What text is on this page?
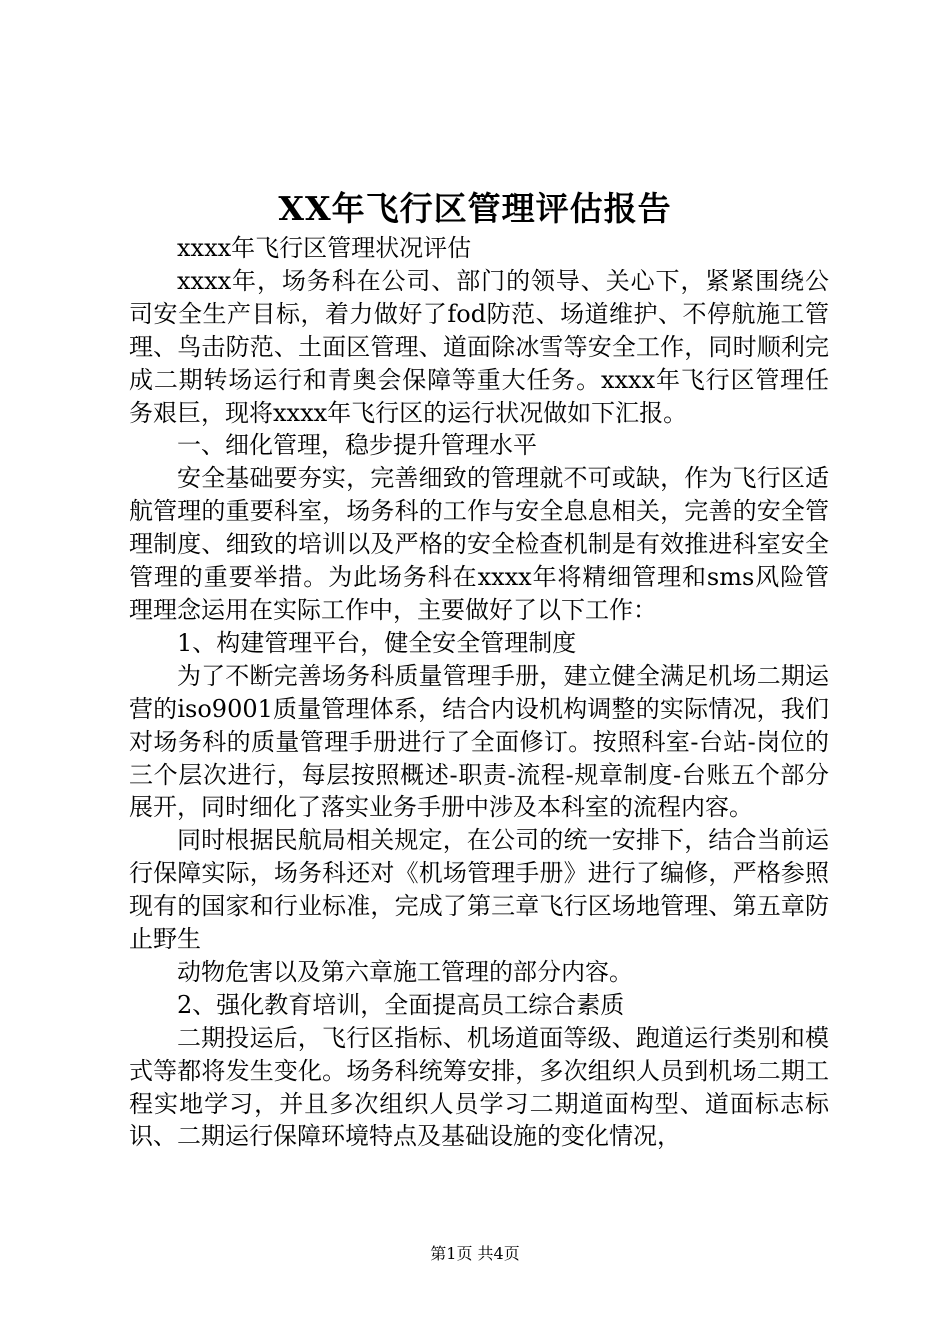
XX年飞行区管理评估报告

xxxx年飞行区管理状况评估

xxxx年，场务科在公司、部门的领导、关心下，紧紧围绕公司安全生产目标，着力做好了fod防范、场道维护、不停航施工管理、鸟击防范、土面区管理、道面除冰雪等安全工作，同时顺利完成二期转场运行和青奥会保障等重大任务。xxxx年飞行区管理任务艰巨，现将xxxx年飞行区的运行状况做如下汇报。

一、细化管理，稳步提升管理水平

安全基础要夯实，完善细致的管理就不可或缺，作为飞行区适航管理的重要科室，场务科的工作与安全息息相关，完善的安全管理制度、细致的培训以及严格的安全检查机制是有效推进科室安全管理的重要举措。为此场务科在xxxx年将精细管理和sms风险管理理念运用在实际工作中，主要做好了以下工作：

1、构建管理平台，健全安全管理制度

为了不断完善场务科质量管理手册，建立健全满足机场二期运营的iso9001质量管理体系，结合内设机构调整的实际情况，我们对场务科的质量管理手册进行了全面修订。按照科室-台站-岗位的三个层次进行，每层按照概述-职责-流程-规章制度-台账五个部分展开，同时细化了落实业务手册中涉及本科室的流程内容。

同时根据民航局相关规定，在公司的统一安排下，结合当前运行保障实际，场务科还对《机场管理手册》进行了编修，严格参照现有的国家和行业标准，完成了第三章飞行区场地管理、第五章防止野生

动物危害以及第六章施工管理的部分内容。

2、强化教育培训，全面提高员工综合素质

二期投运后，飞行区指标、机场道面等级、跑道运行类别和模式等都将发生变化。场务科统筹安排，多次组织人员到机场二期工程实地学习，并且多次组织人员学习二期道面构型、道面标志标识、二期运行保障环境特点及基础设施的变化情况，

第1页 共4页
